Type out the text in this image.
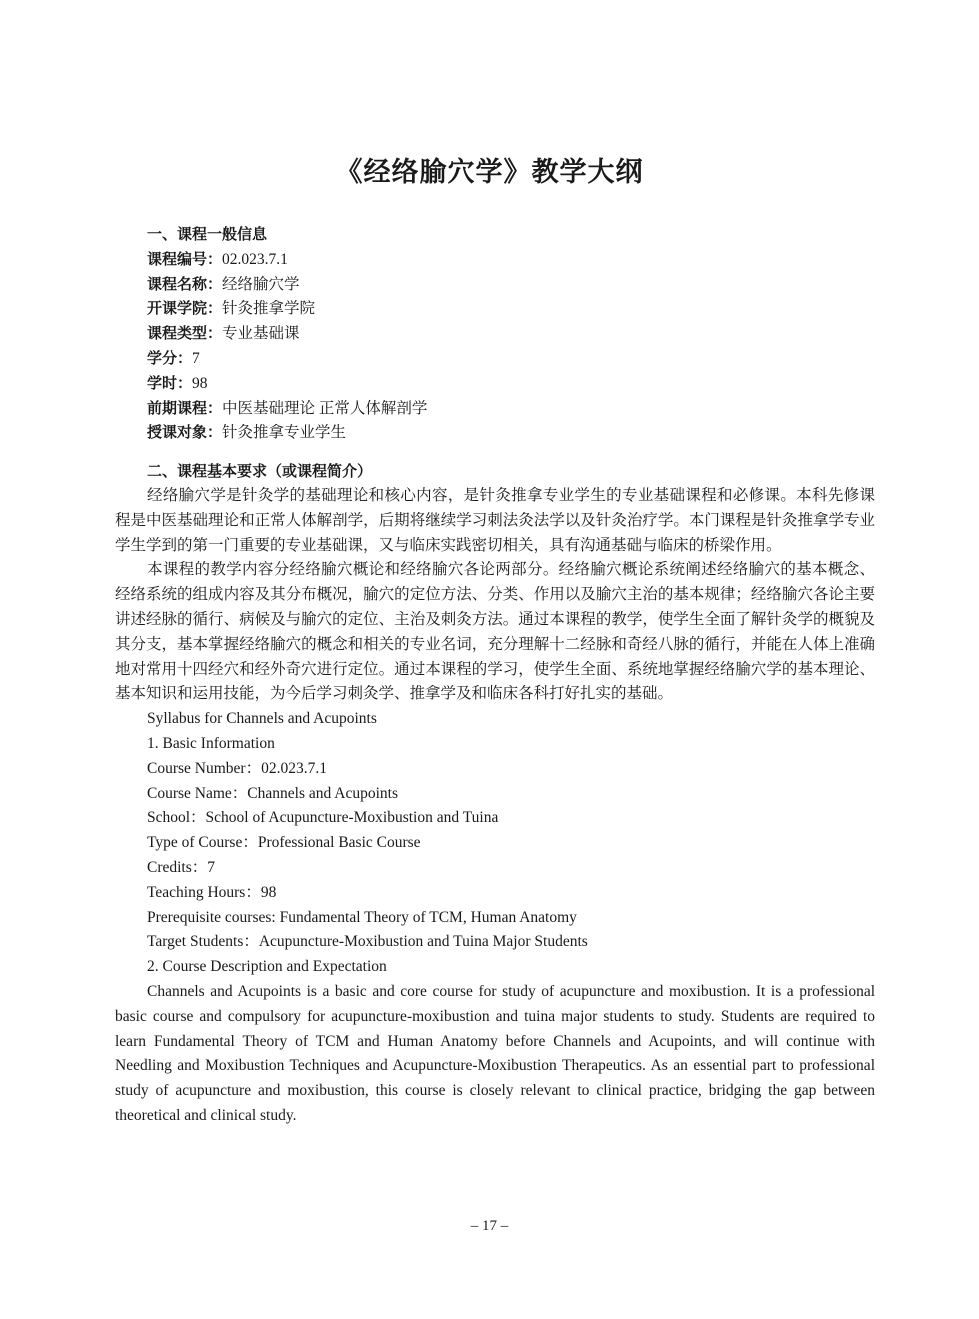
《经络腧穴学》教学大纲
一、课程一般信息
课程编号：02.023.7.1
课程名称：经络腧穴学
开课学院：针灸推拿学院
课程类型：专业基础课
学分：7
学时：98
前期课程：中医基础理论 正常人体解剖学
授课对象：针灸推拿专业学生
二、课程基本要求（或课程简介）

经络腧穴学是针灸学的基础理论和核心内容，是针灸推拿专业学生的专业基础课程和必修课。本科先修课程是中医基础理论和正常人体解剖学，后期将继续学习刺法灸法学以及针灸治疗学。本门课程是针灸推拿学专业学生学到的第一门重要的专业基础课，又与临床实践密切相关，具有沟通基础与临床的桥梁作用。

本课程的教学内容分经络腧穴概论和经络腧穴各论两部分。经络腧穴概论系统阐述经络腧穴的基本概念、经络系统的组成内容及其分布概况，腧穴的定位方法、分类、作用以及腧穴主治的基本规律；经络腧穴各论主要讲述经脉的循行、病候及与腧穴的定位、主治及刺灸方法。通过本课程的教学，使学生全面了解针灸学的概貌及其分支，基本掌握经络腧穴的概念和相关的专业名词，充分理解十二经脉和奇经八脉的循行，并能在人体上准确地对常用十四经穴和经外奇穴进行定位。通过本课程的学习，使学生全面、系统地掌握经络腧穴学的基本理论、基本知识和运用技能，为今后学习刺灸学、推拿学及和临床各科打好扎实的基础。

Syllabus for Channels and Acupoints
1. Basic Information
Course Number：02.023.7.1
Course Name：Channels and Acupoints
School：School of Acupuncture-Moxibustion and Tuina
Type of Course：Professional Basic Course
Credits：7
Teaching Hours：98
Prerequisite courses: Fundamental Theory of TCM, Human Anatomy
Target Students：Acupuncture-Moxibustion and Tuina Major Students
2. Course Description and Expectation

Channels and Acupoints is a basic and core course for study of acupuncture and moxibustion. It is a professional basic course and compulsory for acupuncture-moxibustion and tuina major students to study. Students are required to learn Fundamental Theory of TCM and Human Anatomy before Channels and Acupoints, and will continue with Needling and Moxibustion Techniques and Acupuncture-Moxibustion Therapeutics. As an essential part to professional study of acupuncture and moxibustion, this course is closely relevant to clinical practice, bridging the gap between theoretical and clinical study.

– 17 –
